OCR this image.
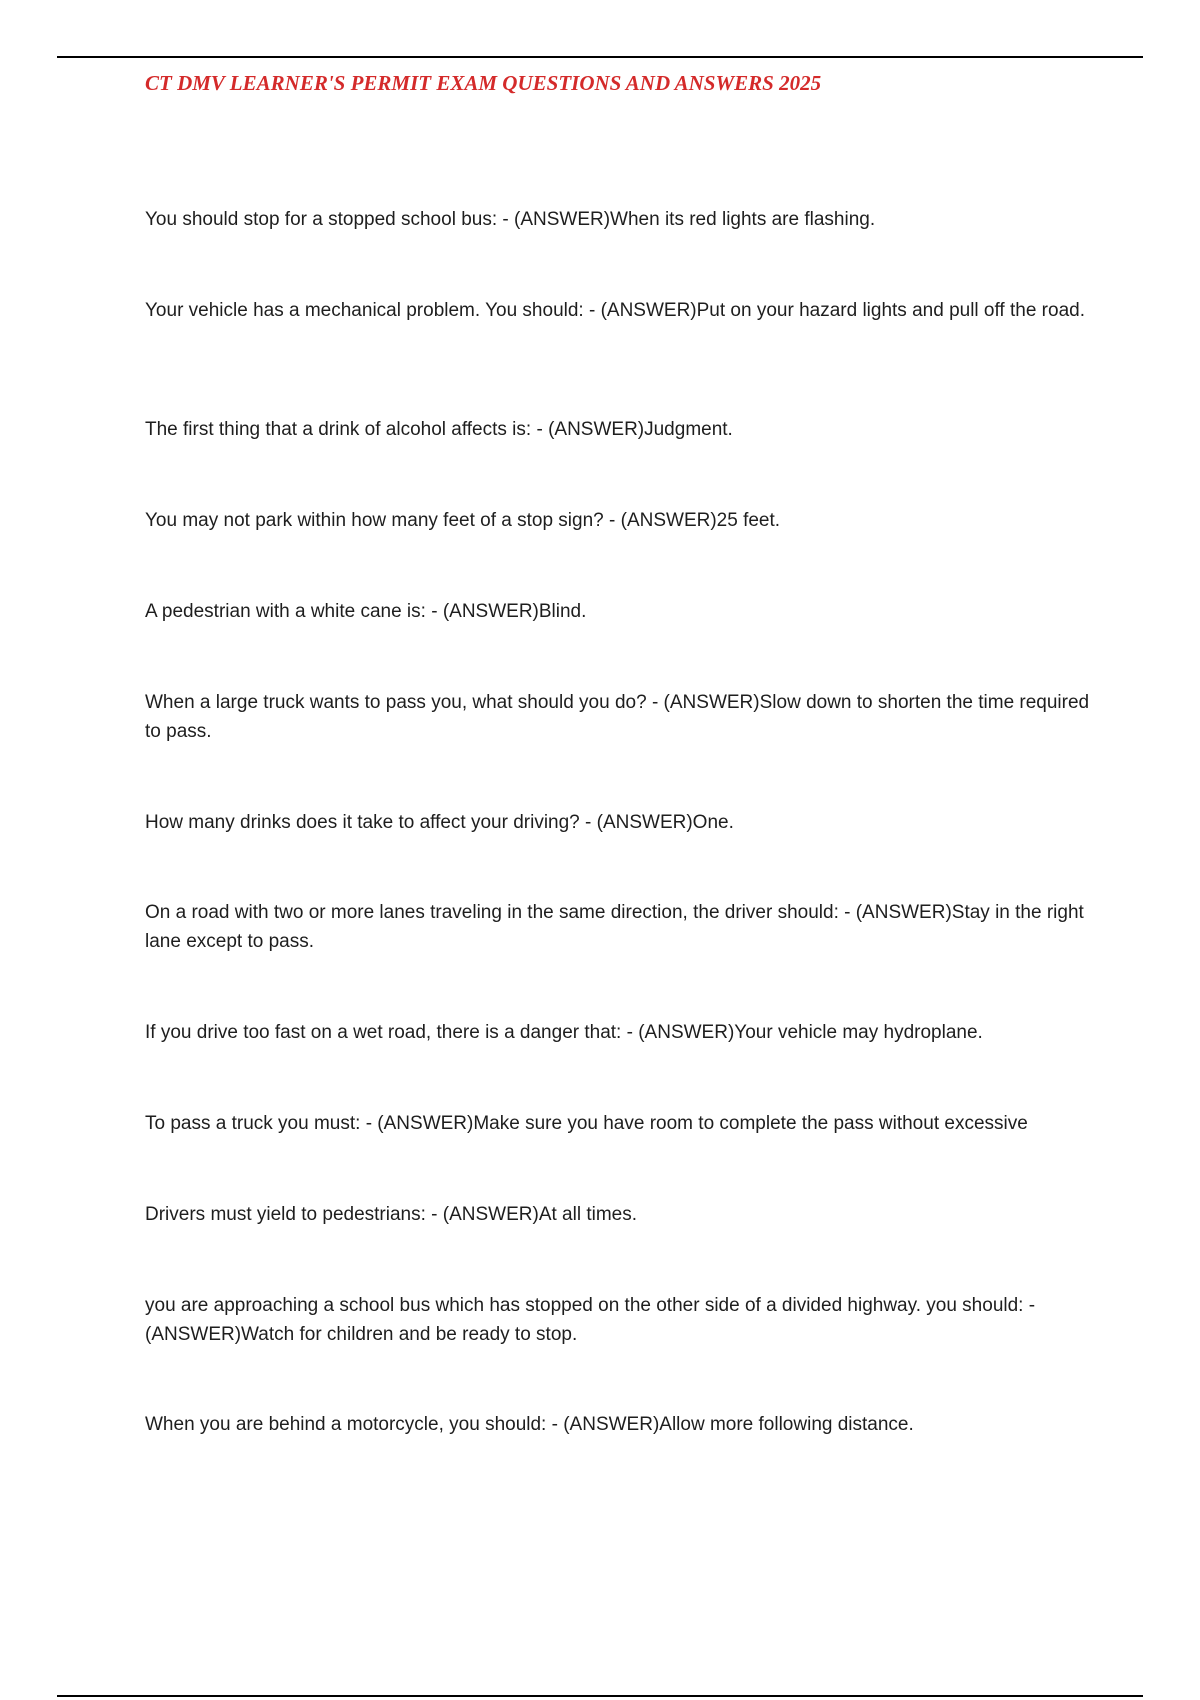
CT DMV LEARNER'S PERMIT EXAM QUESTIONS AND ANSWERS 2025

You should stop for a stopped school bus: - (ANSWER)When its red lights are flashing.

Your vehicle has a mechanical problem. You should: - (ANSWER)Put on your hazard lights and pull off the road.

The first thing that a drink of alcohol affects is: - (ANSWER)Judgment.

You may not park within how many feet of a stop sign? - (ANSWER)25 feet.

A pedestrian with a white cane is: - (ANSWER)Blind.

When a large truck wants to pass you, what should you do? - (ANSWER)Slow down to shorten the time required to pass.

How many drinks does it take to affect your driving? - (ANSWER)One.

On a road with two or more lanes traveling in the same direction, the driver should: - (ANSWER)Stay in the right lane except to pass.

If you drive too fast on a wet road, there is a danger that: - (ANSWER)Your vehicle may hydroplane.

To pass a truck you must: - (ANSWER)Make sure you have room to complete the pass without excessive

Drivers must yield to pedestrians: - (ANSWER)At all times.

you are approaching a school bus which has stopped on the other side of a divided highway. you should: - (ANSWER)Watch for children and be ready to stop.

When you are behind a motorcycle, you should: - (ANSWER)Allow more following distance.
